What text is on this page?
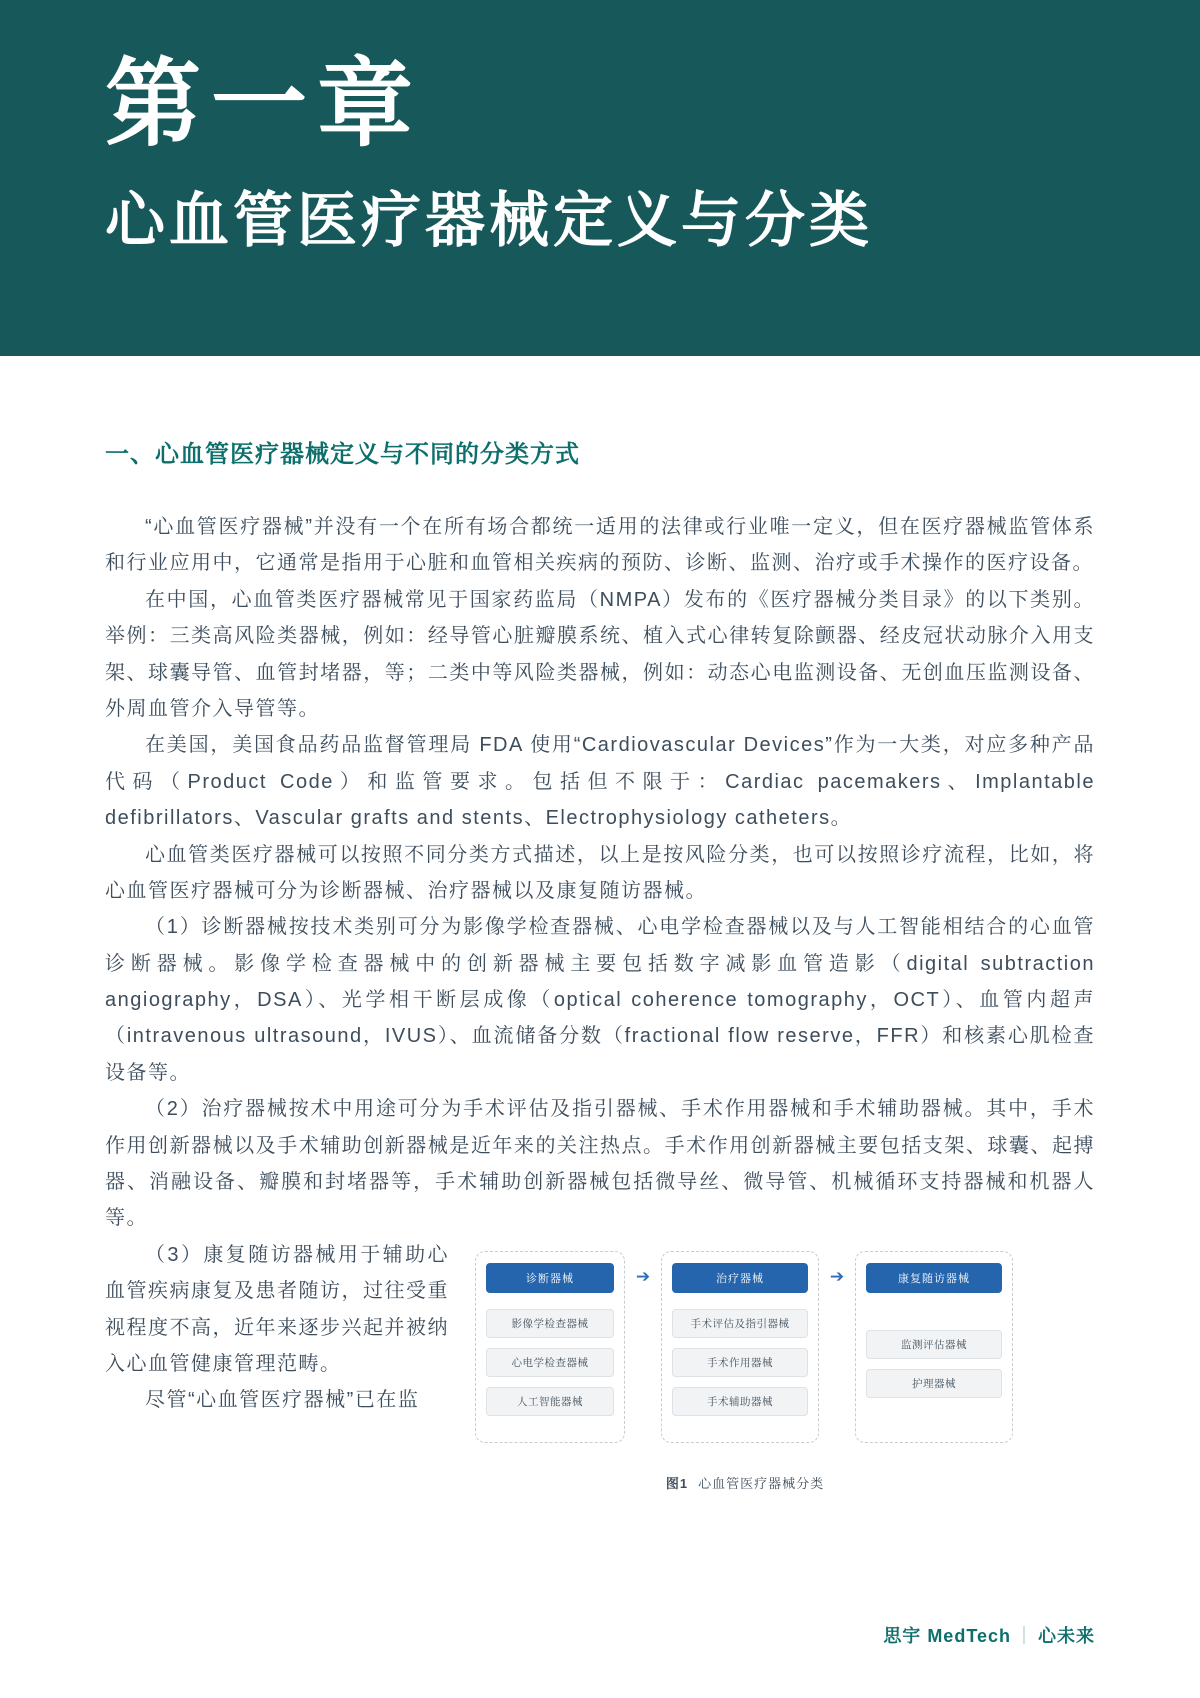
第一章
心血管医疗器械定义与分类
一、心血管医疗器械定义与不同的分类方式

“心血管医疗器械”并没有一个在所有场合都统一适用的法律或行业唯一定义，但在医疗器械监管体系和行业应用中，它通常是指用于心脏和血管相关疾病的预防、诊断、监测、治疗或手术操作的医疗设备。

在中国，心血管类医疗器械常见于国家药监局（NMPA）发布的《医疗器械分类目录》的以下类别。举例：三类高风险类器械，例如：经导管心脏瓣膜系统、植入式心律转复除颤器、经皮冠状动脉介入用支架、球囊导管、血管封堵器，等；二类中等风险类器械，例如：动态心电监测设备、无创血压监测设备、外周血管介入导管等。

在美国，美国食品药品监督管理局 FDA 使用“Cardiovascular Devices”作为一大类，对应多种产品代码（Product Code）和监管要求。包括但不限于：Cardiac pacemakers、Implantable defibrillators、Vascular grafts and stents、Electrophysiology catheters。

心血管类医疗器械可以按照不同分类方式描述，以上是按风险分类，也可以按照诊疗流程，比如，将心血管医疗器械可分为诊断器械、治疗器械以及康复随访器械。

（1）诊断器械按技术类别可分为影像学检查器械、心电学检查器械以及与人工智能相结合的心血管诊断器械。影像学检查器械中的创新器械主要包括数字减影血管造影（digital subtraction angiography，DSA）、光学相干断层成像（optical coherence tomography，OCT）、血管内超声（intravenous ultrasound，IVUS）、血流储备分数（fractional flow reserve，FFR）和核素心肌检查设备等。

（2）治疗器械按术中用途可分为手术评估及指引器械、手术作用器械和手术辅助器械。其中，手术作用创新器械以及手术辅助创新器械是近年来的关注热点。手术作用创新器械主要包括支架、球囊、起搏器、消融设备、瓣膜和封堵器等，手术辅助创新器械包括微导丝、微导管、机械循环支持器械和机器人等。

诊断器械
影像学检查器械
心电学检查器械
人工智能器械
➔	治疗器械
手术评估及指引器械
手术作用器械
手术辅助器械
➔	康复随访器械
监测评估器械
护理器械
图1 心血管医疗器械分类

（3）康复随访器械用于辅助心血管疾病康复及患者随访，过往受重视程度不高，近年来逐步兴起并被纳入心血管健康管理范畴。

尽管“心血管医疗器械”已在监

思宇 MedTech ｜ 心未来
